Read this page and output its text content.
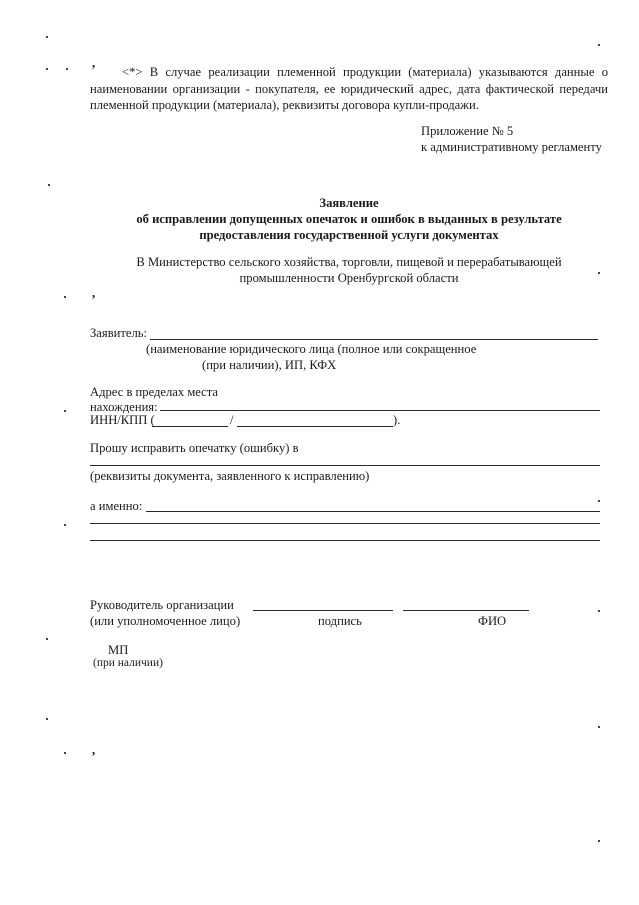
,
,
,
<*> В случае реализации племенной продукции (материала) указываются данные о наименовании организации - покупателя, ее юридический адрес, дата фактической передачи племенной продукции (материала), реквизиты договора купли-продажи.
Приложение № 5
к административному регламенту
Заявление
об исправлении допущенных опечаток и ошибок в выданных в результате
предоставления государственной услуги документах
В Министерство сельского хозяйства, торговли, пищевой и перерабатывающей
промышленности Оренбургской области
Заявитель:
(наименование юридического лица (полное или сокращенное
(при наличии), ИП, КФХ
Адрес в пределах места
нахождения:
ИНН/КПП (	/	).
Прошу исправить опечатку (ошибку) в
(реквизиты документа, заявленного к исправлению)
а именно:
Руководитель организации
(или уполномоченное лицо)	подпись	ФИО
МП
(при наличии)
